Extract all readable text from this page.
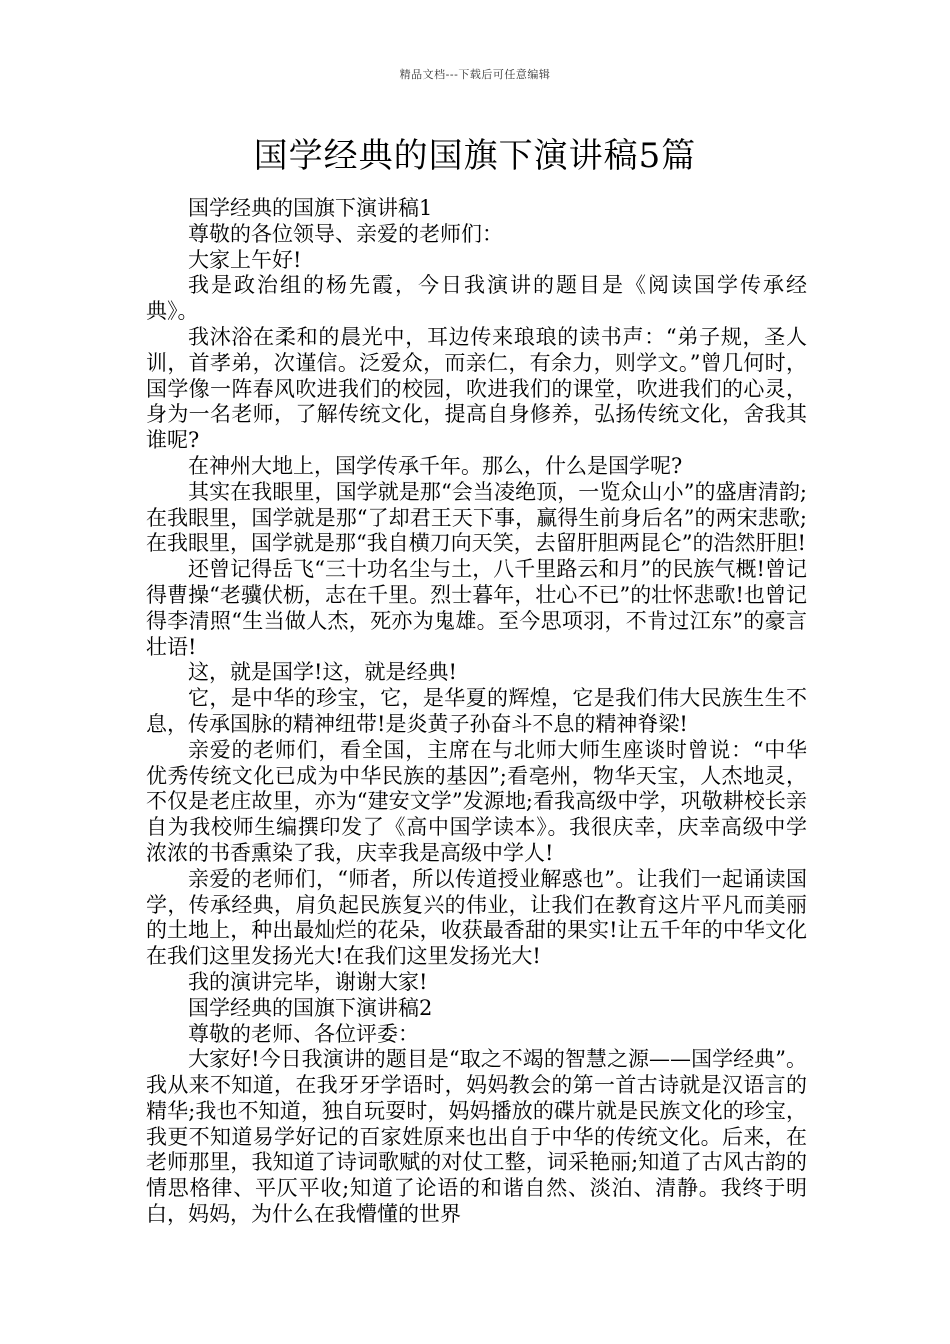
精品文档---下载后可任意编辑
国学经典的国旗下演讲稿5篇

国学经典的国旗下演讲稿1

尊敬的各位领导、亲爱的老师们：

大家上午好!

我是政治组的杨先霞，今日我演讲的题目是《阅读国学传承经典》。

我沐浴在柔和的晨光中，耳边传来琅琅的读书声：“弟子规，圣人训，首孝弟，次谨信。泛爱众，而亲仁，有余力，则学文。”曾几何时，国学像一阵春风吹进我们的校园，吹进我们的课堂，吹进我们的心灵，身为一名老师，了解传统文化，提高自身修养，弘扬传统文化，舍我其谁呢?

在神州大地上，国学传承千年。那么，什么是国学呢?

其实在我眼里，国学就是那“会当凌绝顶，一览众山小”的盛唐清韵;在我眼里，国学就是那“了却君王天下事，赢得生前身后名”的两宋悲歌;在我眼里，国学就是那“我自横刀向天笑，去留肝胆两昆仑”的浩然肝胆!

还曾记得岳飞“三十功名尘与土，八千里路云和月”的民族气概!曾记得曹操“老骥伏枥，志在千里。烈士暮年，壮心不已”的壮怀悲歌!也曾记得李清照“生当做人杰，死亦为鬼雄。至今思项羽，不肯过江东”的豪言壮语!

这，就是国学!这，就是经典!

它，是中华的珍宝，它，是华夏的辉煌，它是我们伟大民族生生不息，传承国脉的精神纽带!是炎黄子孙奋斗不息的精神脊梁!

亲爱的老师们，看全国，主席在与北师大师生座谈时曾说：“中华优秀传统文化已成为中华民族的基因”;看亳州，物华天宝，人杰地灵，不仅是老庄故里，亦为“建安文学”发源地;看我高级中学，巩敬耕校长亲自为我校师生编撰印发了《高中国学读本》。我很庆幸，庆幸高级中学浓浓的书香熏染了我，庆幸我是高级中学人!

亲爱的老师们，“师者，所以传道授业解惑也”。让我们一起诵读国学，传承经典，肩负起民族复兴的伟业，让我们在教育这片平凡而美丽的土地上，种出最灿烂的花朵，收获最香甜的果实!让五千年的中华文化在我们这里发扬光大!在我们这里发扬光大!

我的演讲完毕，谢谢大家!

国学经典的国旗下演讲稿2

尊敬的老师、各位评委：

大家好!今日我演讲的题目是“取之不竭的智慧之源——国学经典”。我从来不知道，在我牙牙学语时，妈妈教会的第一首古诗就是汉语言的精华;我也不知道，独自玩耍时，妈妈播放的碟片就是民族文化的珍宝，我更不知道易学好记的百家姓原来也出自于中华的传统文化。后来，在老师那里，我知道了诗词歌赋的对仗工整，词采艳丽;知道了古风古韵的情思格律、平仄平收;知道了论语的和谐自然、淡泊、清静。我终于明白，妈妈，为什么在我懵懂的世界
